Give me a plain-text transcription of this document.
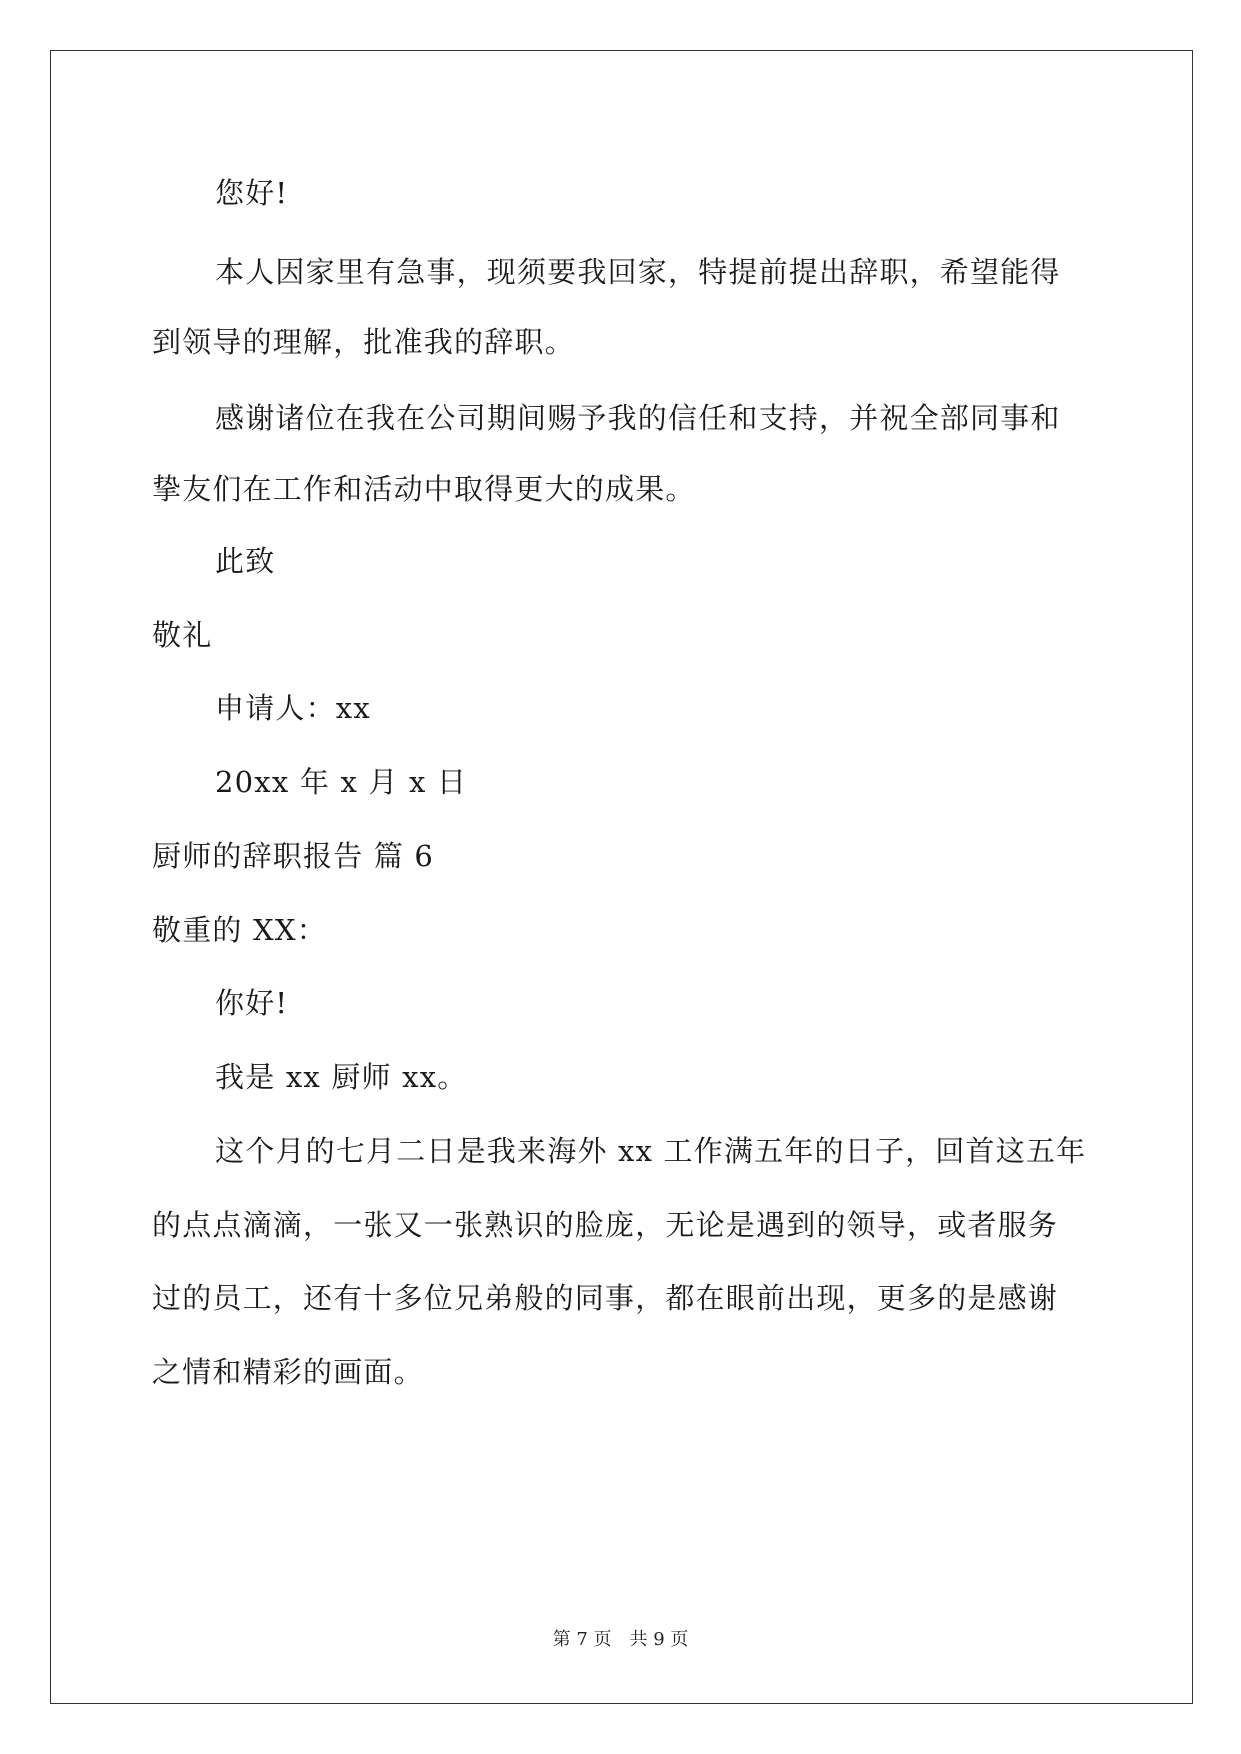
您好!
本人因家里有急事，现须要我回家，特提前提出辞职，希望能得
到领导的理解，批准我的辞职。
感谢诸位在我在公司期间赐予我的信任和支持，并祝全部同事和
挚友们在工作和活动中取得更大的成果。
此致
敬礼
申请人：xx
20xx 年 x 月 x 日
厨师的辞职报告 篇 6
敬重的 XX：
你好!
我是 xx 厨师 xx。
这个月的七月二日是我来海外 xx 工作满五年的日子，回首这五年
的点点滴滴，一张又一张熟识的脸庞，无论是遇到的领导，或者服务
过的员工，还有十多位兄弟般的同事，都在眼前出现，更多的是感谢
之情和精彩的画面。
第 7 页 共 9 页
